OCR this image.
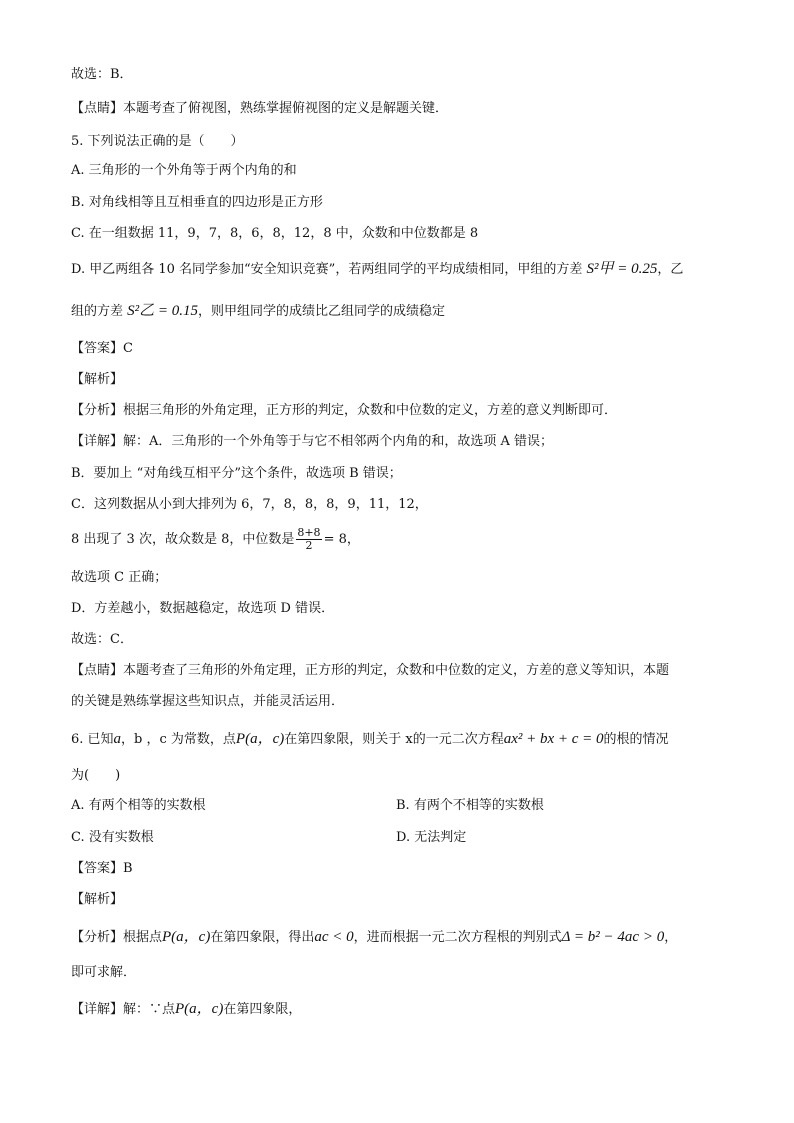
故选：B．
【点睛】本题考查了俯视图，熟练掌握俯视图的定义是解题关键．
5. 下列说法正确的是（　　）
A. 三角形的一个外角等于两个内角的和
B. 对角线相等且互相垂直的四边形是正方形
C. 在一组数据 11，9，7，8，6，8，12，8 中，众数和中位数都是 8
D. 甲乙两组各 10 名同学参加“安全知识竞赛”，若两组同学的平均成绩相同，甲组的方差 S²甲 = 0.25，乙
组的方差 S²乙 = 0.15，则甲组同学的成绩比乙组同学的成绩稳定
【答案】C
【解析】
【分析】根据三角形的外角定理，正方形的判定，众数和中位数的定义，方差的意义判断即可．
【详解】解：A．三角形的一个外角等于与它不相邻两个内角的和，故选项 A 错误；
B．要加上 “对角线互相平分”这个条件，故选项 B 错误；
C．这列数据从小到大排列为 6，7，8，8，8，9，11，12，
8 出现了 3 次，故众数是 8，中位数是 $\frac{8+8}{2} = 8$，
故选项 C 正确；
D．方差越小，数据越稳定，故选项 D 错误．
故选：C．
【点睛】本题考查了三角形的外角定理，正方形的判定，众数和中位数的定义，方差的意义等知识，本题
的关键是熟练掌握这些知识点，并能灵活运用．
6. 已知a，b ，c 为常数，点P(a，c)在第四象限，则关于 x的一元二次方程ax² + bx + c = 0的根的情况
为(　　)
A. 有两个相等的实数根	B. 有两个不相等的实数根
C. 没有实数根	D. 无法判定
【答案】B
【解析】
【分析】根据点P(a，c)在第四象限，得出ac < 0，进而根据一元二次方程根的判别式Δ = b² − 4ac > 0，
即可求解．
【详解】解：∵点P(a，c)在第四象限，
